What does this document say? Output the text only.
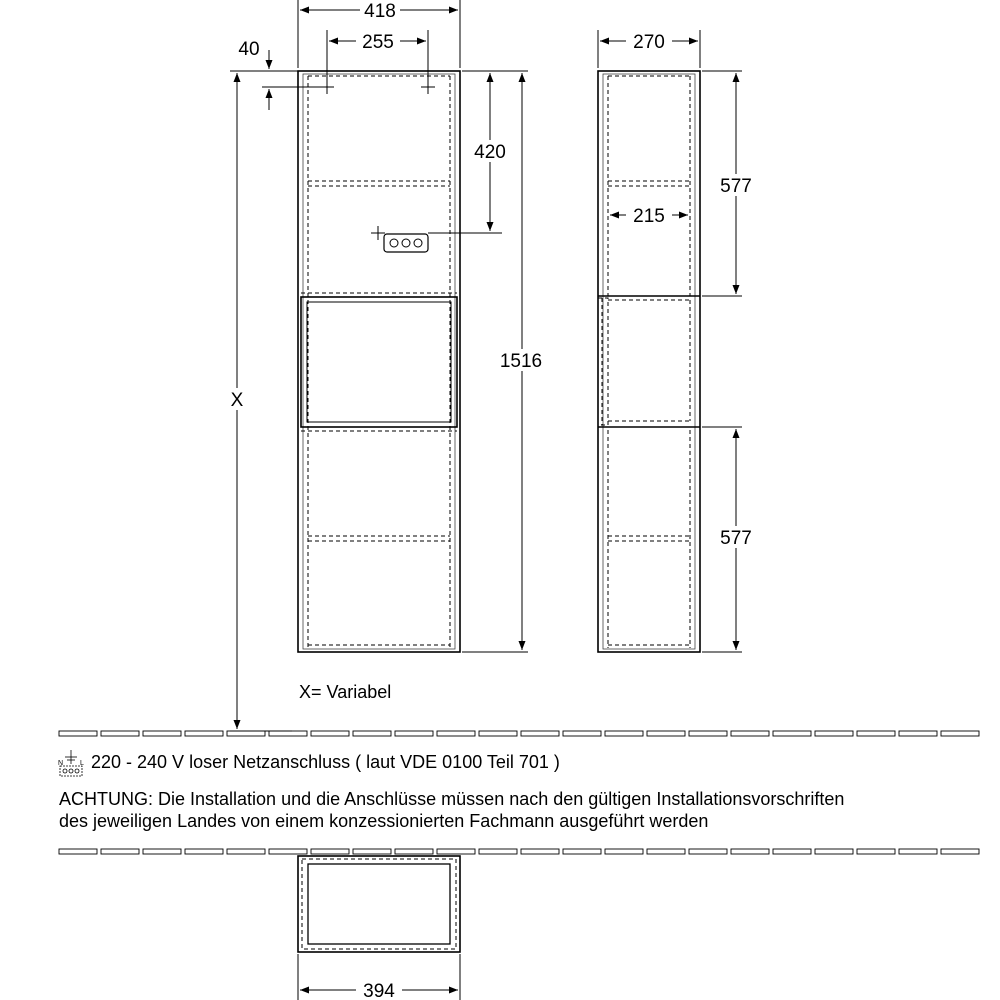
418
255
40
420
1516
X
270
215
577
577
394
N L
X= Variabel
220 - 240 V loser Netzanschluss ( laut VDE 0100 Teil 701 )
ACHTUNG: Die Installation und die Anschlüsse müssen nach den gültigen Installationsvorschriften
des jeweiligen Landes von einem konzessionierten Fachmann ausgeführt werden
